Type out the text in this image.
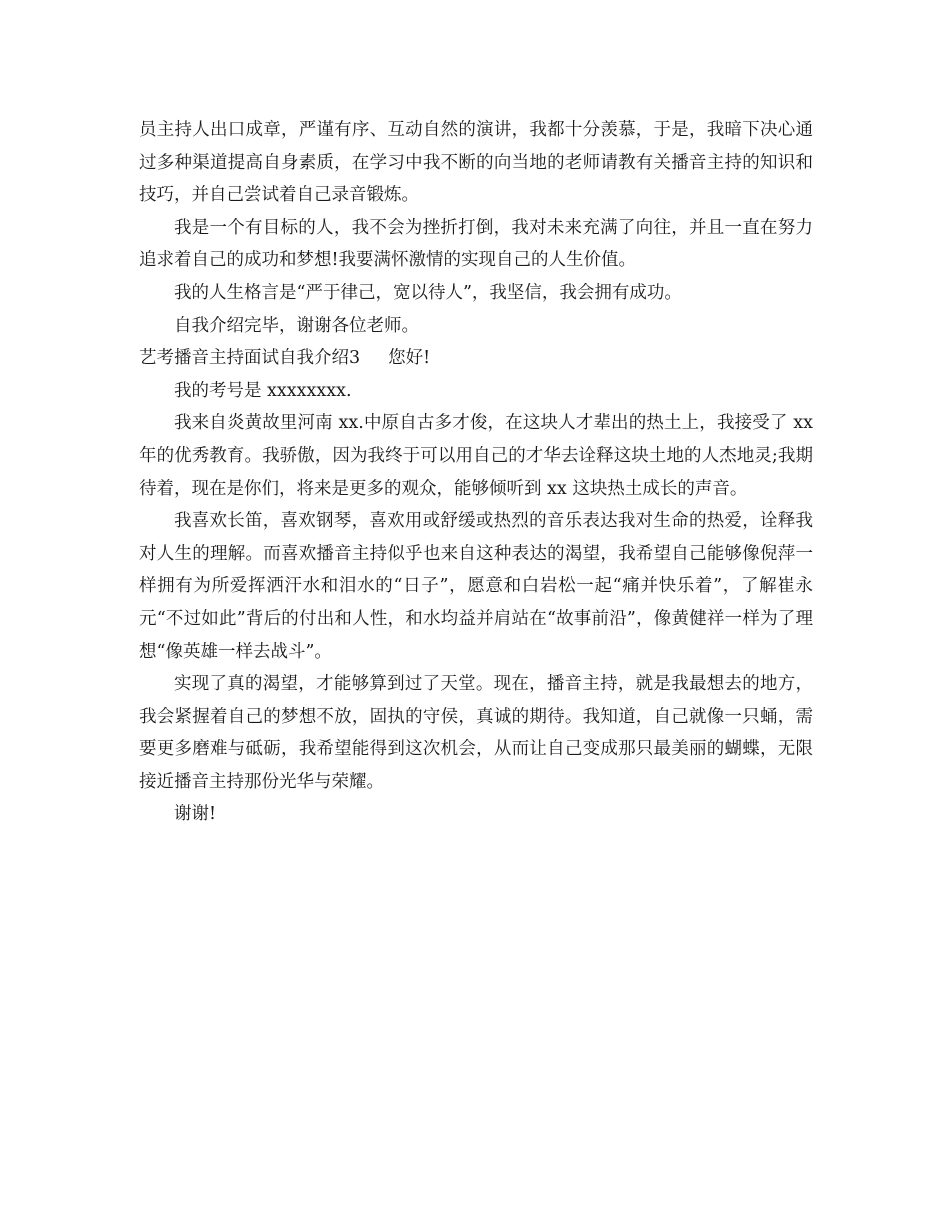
员主持人出口成章，严谨有序、互动自然的演讲，我都十分羡慕，于是，我暗下决心通过多种渠道提高自身素质，在学习中我不断的向当地的老师请教有关播音主持的知识和技巧，并自己尝试着自己录音锻炼。

我是一个有目标的人，我不会为挫折打倒，我对未来充满了向往，并且一直在努力追求着自己的成功和梦想!我要满怀激情的实现自己的人生价值。

我的人生格言是“严于律己，宽以待人”，我坚信，我会拥有成功。

自我介绍完毕，谢谢各位老师。

艺考播音主持面试自我介绍3 您好!

我的考号是 xxxxxxxx.

我来自炎黄故里河南 xx.中原自古多才俊，在这块人才辈出的热土上，我接受了 xx 年的优秀教育。我骄傲，因为我终于可以用自己的才华去诠释这块土地的人杰地灵;我期待着，现在是你们，将来是更多的观众，能够倾听到 xx 这块热土成长的声音。

我喜欢长笛，喜欢钢琴，喜欢用或舒缓或热烈的音乐表达我对生命的热爱，诠释我对人生的理解。而喜欢播音主持似乎也来自这种表达的渴望，我希望自己能够像倪萍一样拥有为所爱挥洒汗水和泪水的“日子”，愿意和白岩松一起“痛并快乐着”，了解崔永元“不过如此”背后的付出和人性，和水均益并肩站在“故事前沿”，像黄健祥一样为了理想“像英雄一样去战斗”。

实现了真的渴望，才能够算到过了天堂。现在，播音主持，就是我最想去的地方，我会紧握着自己的梦想不放，固执的守侯，真诚的期待。我知道，自己就像一只蛹，需要更多磨难与砥砺，我希望能得到这次机会，从而让自己变成那只最美丽的蝴蝶，无限接近播音主持那份光华与荣耀。

谢谢!
